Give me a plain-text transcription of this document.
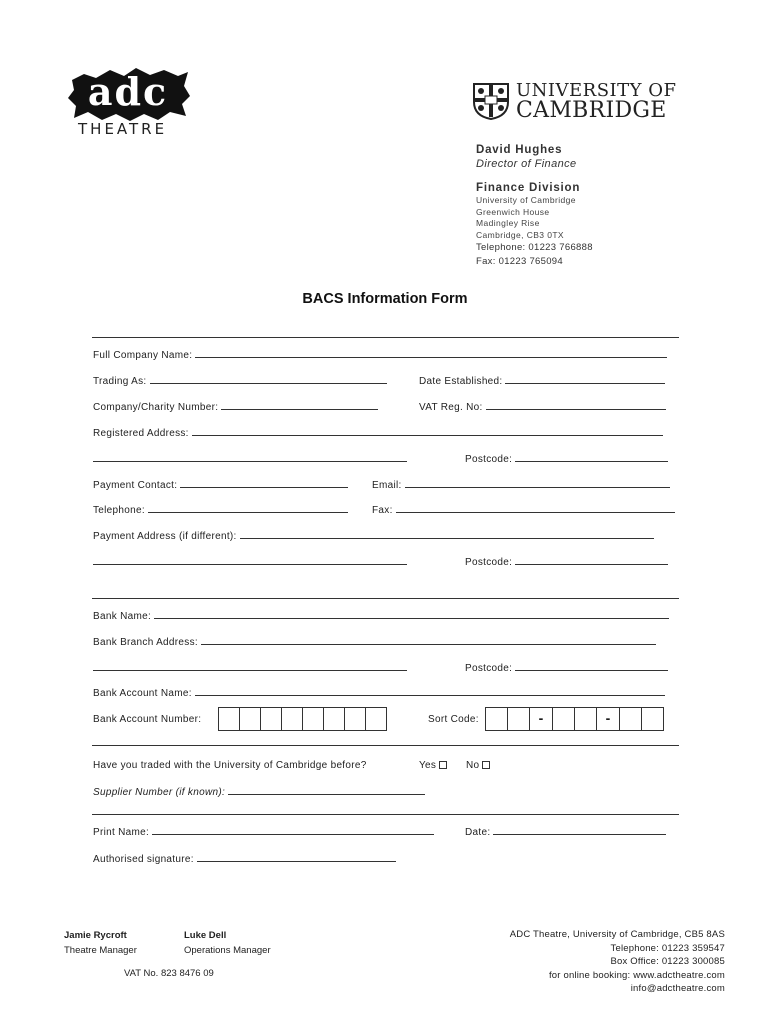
adc
THEATRE
UNIVERSITY OF
CAMBRIDGE
David Hughes
Director of Finance
Finance Division
University of Cambridge
Greenwich House
Madingley Rise
Cambridge, CB3 0TX
Telephone: 01223 766888
Fax: 01223 765094
BACS Information Form
Full Company Name:
Trading As:	Date Established:
Company/Charity Number:	VAT Reg. No:
Registered Address:
Postcode:
Payment Contact:	Email:
Telephone:	Fax:
Payment Address (if different):
Postcode:
Bank Name:
Bank Branch Address:
Postcode:
Bank Account Name:
Bank Account Number:	Sort Code:	-	-
Have you traded with the University of Cambridge before?	Yes	No
Supplier Number (if known):
Print Name:	Date:
Authorised signature:
Jamie Rycroft
Theatre Manager
Luke Dell
Operations Manager
VAT No. 823 8476 09
ADC Theatre, University of Cambridge, CB5 8AS
Telephone: 01223 359547
Box Office: 01223 300085
for online booking: www.adctheatre.com
info@adctheatre.com
